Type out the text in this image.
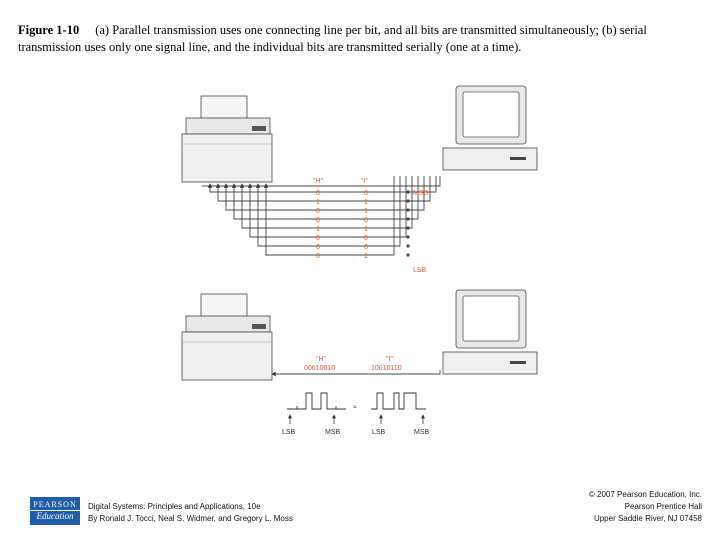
Figure 1-10 (a) Parallel transmission uses one connecting line per bit, and all bits are transmitted simultaneously; (b) serial transmission uses only one signal line, and the individual bits are transmitted serially (one at a time).
"H"	"I"
MSB
LSB
0
1
0
0
1
0
0
0
0
1
1
0
1
0
0
1
"H"	"I"
00010010	10010110
≈
LSB	MSB	LSB	MSB
PEARSON
Education
Digital Systems: Principles and Applications, 10e
By Ronald J. Tocci, Neal S. Widmer, and Gregory L. Moss
© 2007 Pearson Education, Inc.
Pearson Prentice Hall
Upper Saddle River, NJ 07458
